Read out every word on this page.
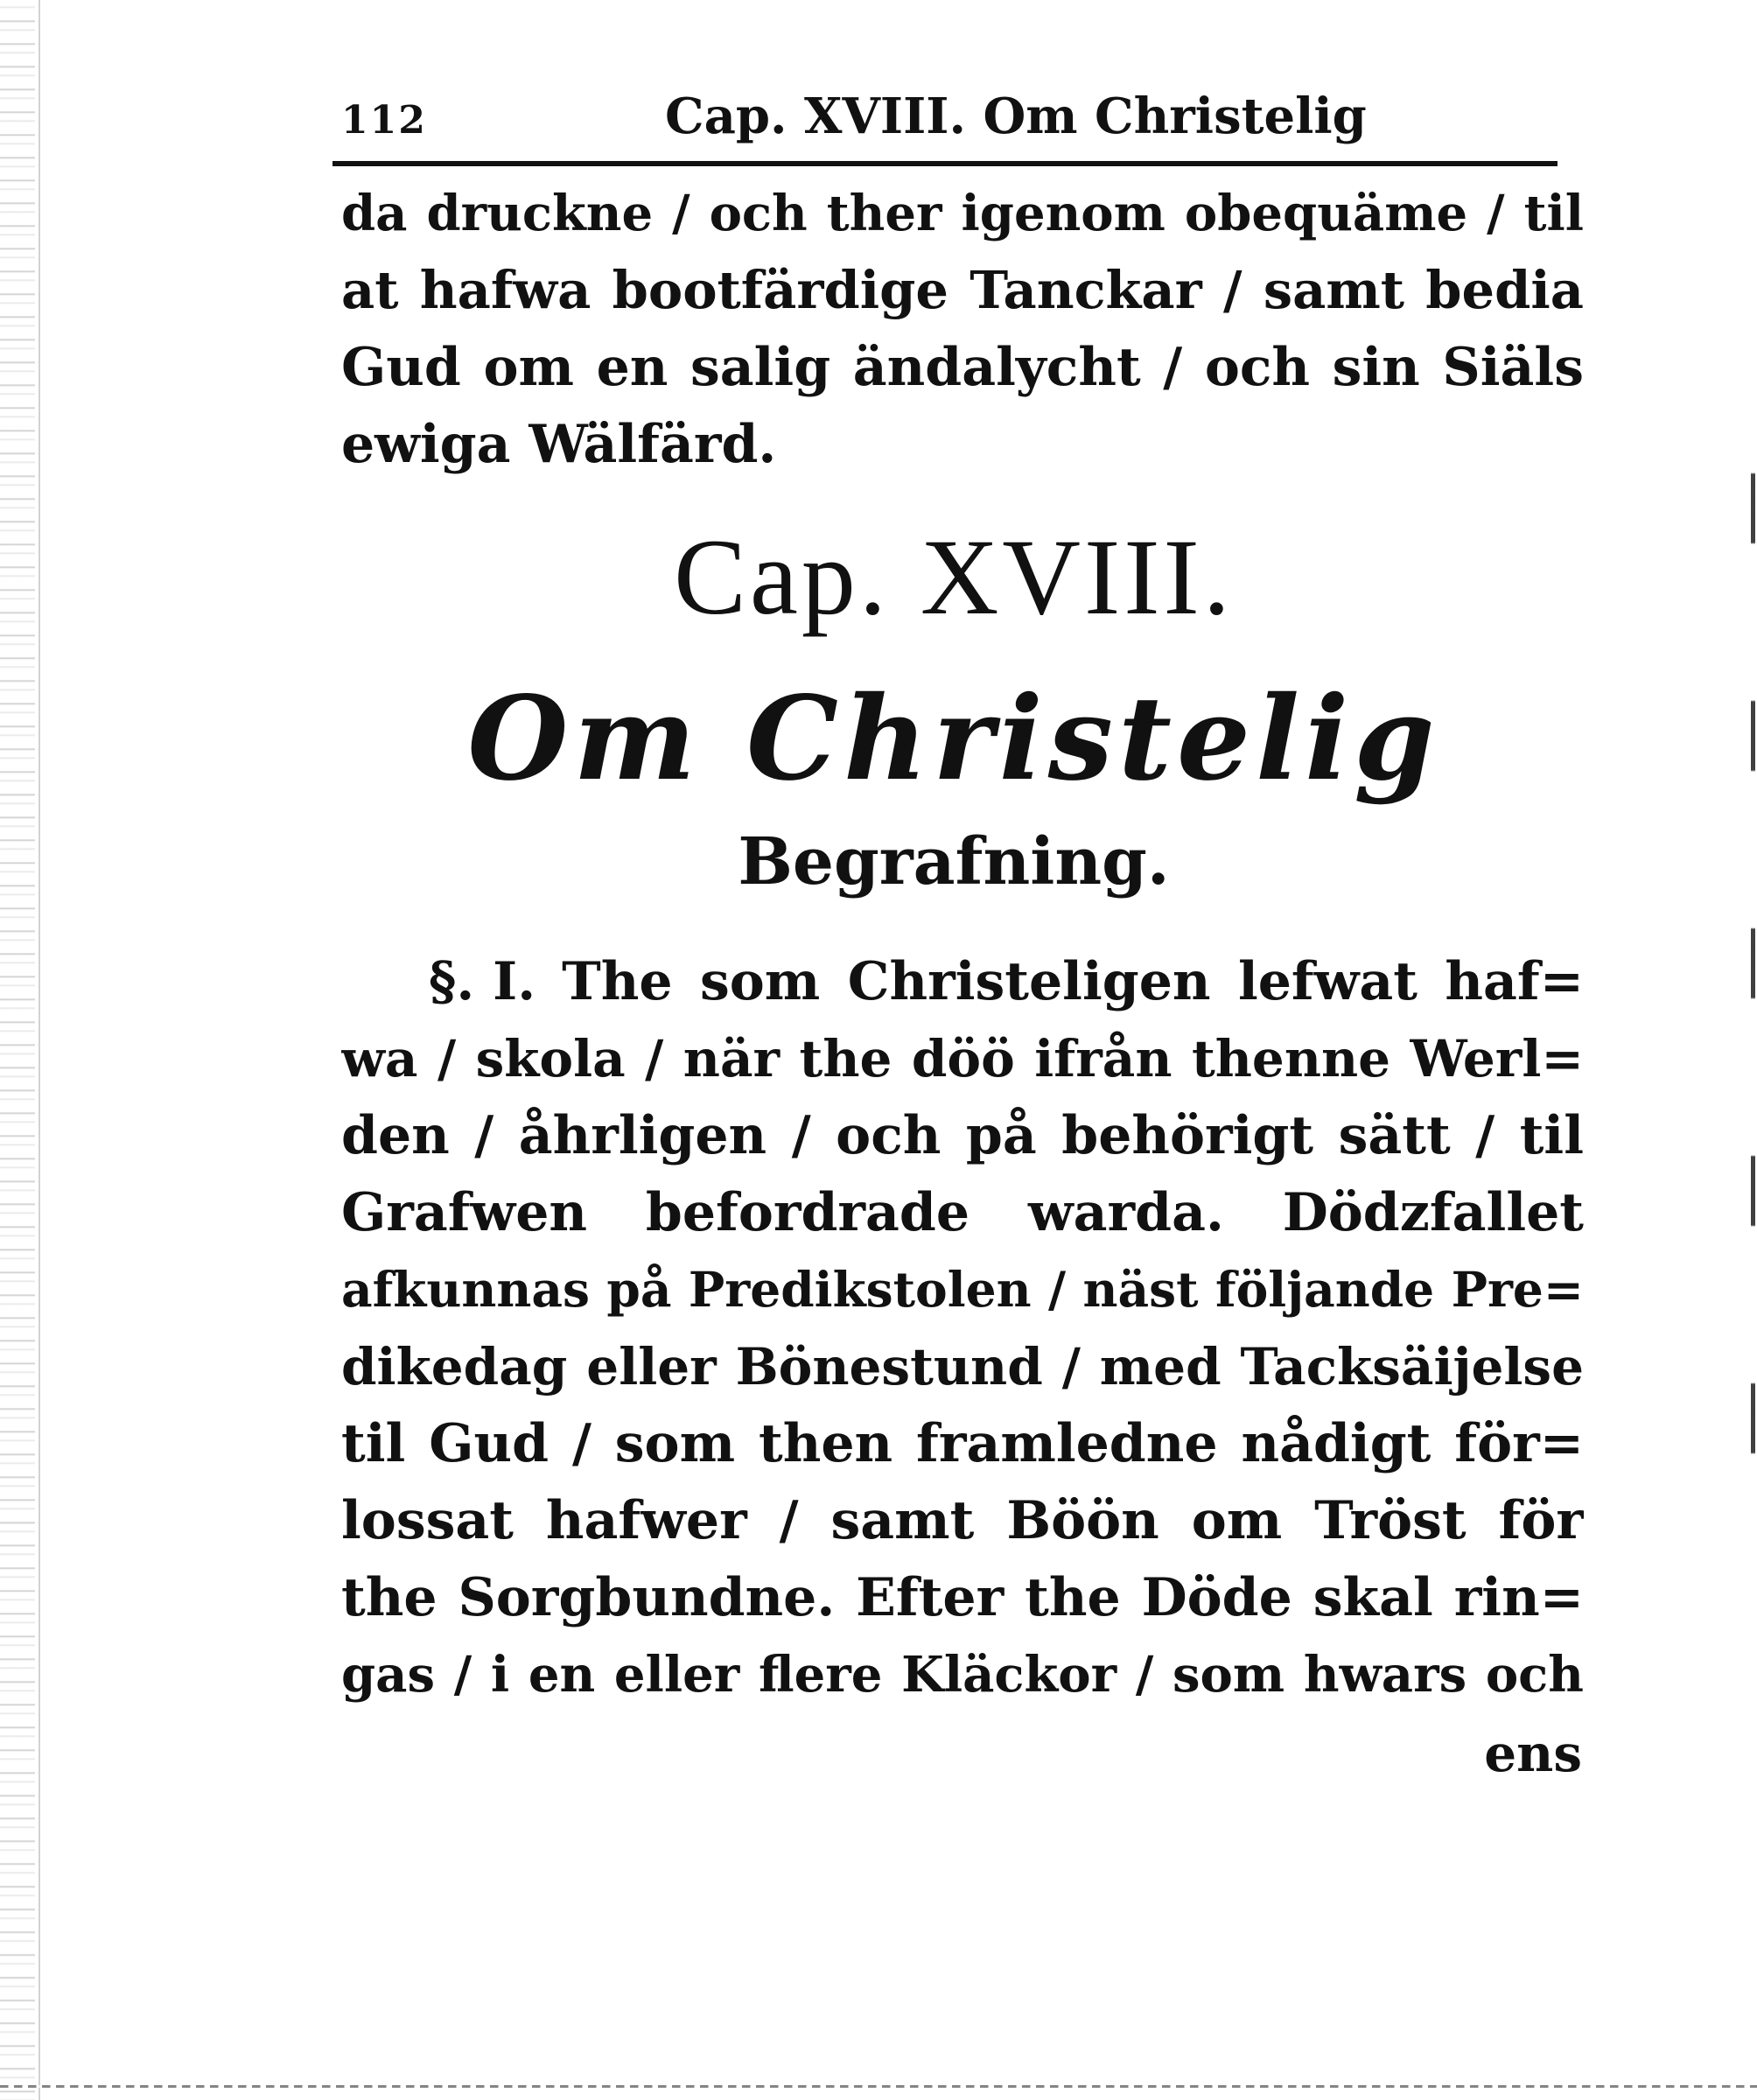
112	Cap. XVIII. Om Christelig
da druckne / och ther igenom obequäme / til
at hafwa bootfärdige Tanckar / samt bedia
Gud om en salig ändalycht / och sin Siäls
ewiga Wälfärd.
Cap. XVIII.
Om Christelig
Begrafning.
§. I. The som Christeligen lefwat haf=
wa / skola / när the döö ifrån thenne Werl=
den / åhrligen / och på behörigt sätt / til
Grafwen befordrade warda. Dödzfallet
afkunnas på Predikstolen / näst följande Pre=
dikedag eller Bönestund / med Tacksäijelse
til Gud / som then framledne nådigt för=
lossat hafwer / samt Böön om Tröst för
the Sorgbundne. Efter the Döde skal rin=
gas / i en eller flere Kläckor / som hwars och
ens
